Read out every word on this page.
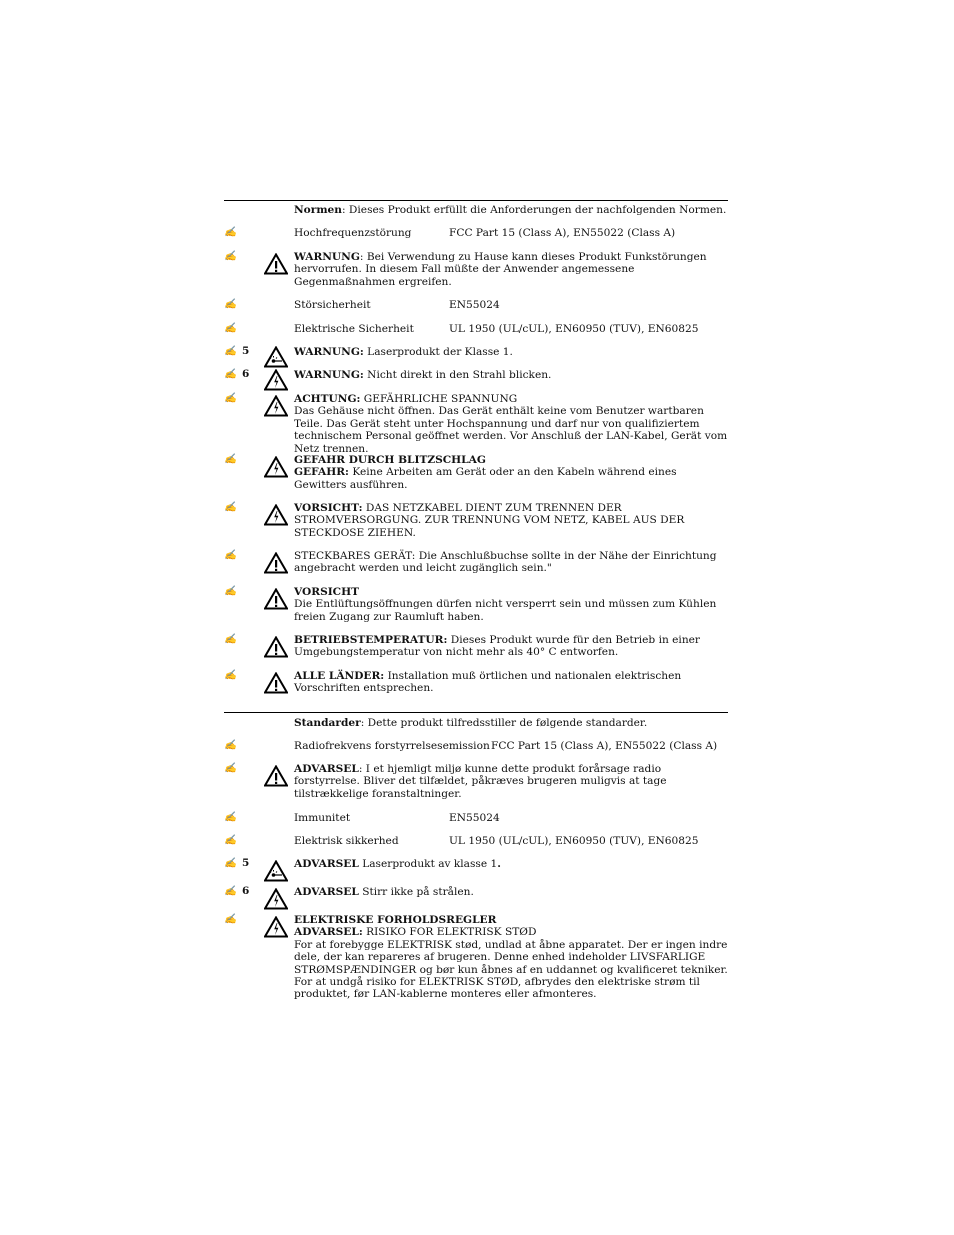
Normen: Dieses Produkt erfüllt die Anforderungen der nachfolgenden Normen.
✍	Hochfrequenzstörung	FCC Part 15 (Class A), EN55022 (Class A)
✍	WARNUNG: Bei Verwendung zu Hause kann dieses Produkt Funkstörungen hervorrufen. In diesem Fall müßte der Anwender angemessene Gegenmaßnahmen ergreifen.
✍	Störsicherheit	EN55024
✍	Elektrische Sicherheit	UL 1950 (UL/cUL), EN60950 (TUV), EN60825
✍ 5	WARNUNG: Laserprodukt der Klasse 1.
✍ 6	WARNUNG: Nicht direkt in den Strahl blicken.
✍	ACHTUNG: GEFÄHRLICHE SPANNUNG
Das Gehäuse nicht öffnen. Das Gerät enthält keine vom Benutzer wartbaren Teile. Das Gerät steht unter Hochspannung und darf nur von qualifiziertem technischem Personal geöffnet werden. Vor Anschluß der LAN-Kabel, Gerät vom Netz trennen.
✍	GEFAHR DURCH BLITZSCHLAG
GEFAHR: Keine Arbeiten am Gerät oder an den Kabeln während eines Gewitters ausführen.
✍	VORSICHT: DAS NETZKABEL DIENT ZUM TRENNEN DER STROMVERSORGUNG. ZUR TRENNUNG VOM NETZ, KABEL AUS DER STECKDOSE ZIEHEN.
✍	STECKBARES GERÄT: Die Anschlußbuchse sollte in der Nähe der Einrichtung angebracht werden und leicht zugänglich sein."
✍	VORSICHT
Die Entlüftungsöffnungen dürfen nicht versperrt sein und müssen zum Kühlen freien Zugang zur Raumluft haben.
✍	BETRIEBSTEMPERATUR: Dieses Produkt wurde für den Betrieb in einer Umgebungstemperatur von nicht mehr als 40° C entworfen.
✍	ALLE LÄNDER: Installation muß örtlichen und nationalen elektrischen Vorschriften entsprechen.
Standarder: Dette produkt tilfredsstiller de følgende standarder.
✍	Radiofrekvens forstyrrelsesemission FCC Part 15 (Class A), EN55022 (Class A)
✍	ADVARSEL: I et hjemligt miljø kunne dette produkt forårsage radio forstyrrelse. Bliver det tilfældet, påkræves brugeren muligvis at tage tilstrækkelige foranstaltninger.
✍	Immunitet	EN55024
✍	Elektrisk sikkerhed	UL 1950 (UL/cUL), EN60950 (TUV), EN60825
✍ 5	ADVARSEL Laserprodukt av klasse 1.
✍ 6	ADVARSEL Stirr ikke på strålen.
✍	ELEKTRISKE FORHOLDSREGLER
ADVARSEL: RISIKO FOR ELEKTRISK STØD
For at forebygge ELEKTRISK stød, undlad at åbne apparatet. Der er ingen indre dele, der kan repareres af brugeren. Denne enhed indeholder LIVSFARLIGE STRØMSPÆNDINGER og bør kun åbnes af en uddannet og kvalificeret tekniker. For at undgå risiko for ELEKTRISK STØD, afbrydes den elektriske strøm til produktet, før LAN-kablerne monteres eller afmonteres.
